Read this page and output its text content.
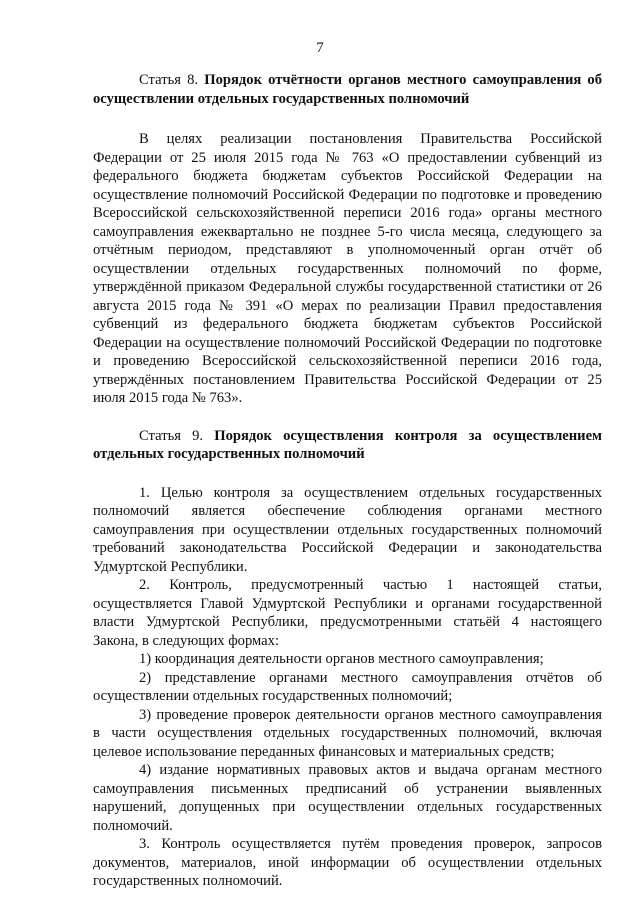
7

Статья 8. Порядок отчётности органов местного самоуправления об осуществлении отдельных государственных полномочий

В целях реализации постановления Правительства Российской Федерации от 25 июля 2015 года № 763 «О предоставлении субвенций из федерального бюджета бюджетам субъектов Российской Федерации на осуществление полномочий Российской Федерации по подготовке и проведению Всероссийской сельскохозяйственной переписи 2016 года» органы местного самоуправления ежеквартально не позднее 5-го числа месяца, следующего за отчётным периодом, представляют в уполномоченный орган отчёт об осуществлении отдельных государственных полномочий по форме, утверждённой приказом Федеральной службы государственной статистики от 26 августа 2015 года № 391 «О мерах по реализации Правил предоставления субвенций из федерального бюджета бюджетам субъектов Российской Федерации на осуществление полномочий Российской Федерации по подготовке и проведению Всероссийской сельскохозяйственной переписи 2016 года, утверждённых постановлением Правительства Российской Федерации от 25 июля 2015 года № 763».

Статья 9. Порядок осуществления контроля за осуществлением отдельных государственных полномочий

1. Целью контроля за осуществлением отдельных государственных полномочий является обеспечение соблюдения органами местного самоуправления при осуществлении отдельных государственных полномочий требований законодательства Российской Федерации и законодательства Удмуртской Республики.

2. Контроль, предусмотренный частью 1 настоящей статьи, осуществляется Главой Удмуртской Республики и органами государственной власти Удмуртской Республики, предусмотренными статьёй 4 настоящего Закона, в следующих формах:

1) координация деятельности органов местного самоуправления;

2) представление органами местного самоуправления отчётов об осуществлении отдельных государственных полномочий;

3) проведение проверок деятельности органов местного самоуправления в части осуществления отдельных государственных полномочий, включая целевое использование переданных финансовых и материальных средств;

4) издание нормативных правовых актов и выдача органам местного самоуправления письменных предписаний об устранении выявленных нарушений, допущенных при осуществлении отдельных государственных полномочий.

3. Контроль осуществляется путём проведения проверок, запросов документов, материалов, иной информации об осуществлении отдельных государственных полномочий.
